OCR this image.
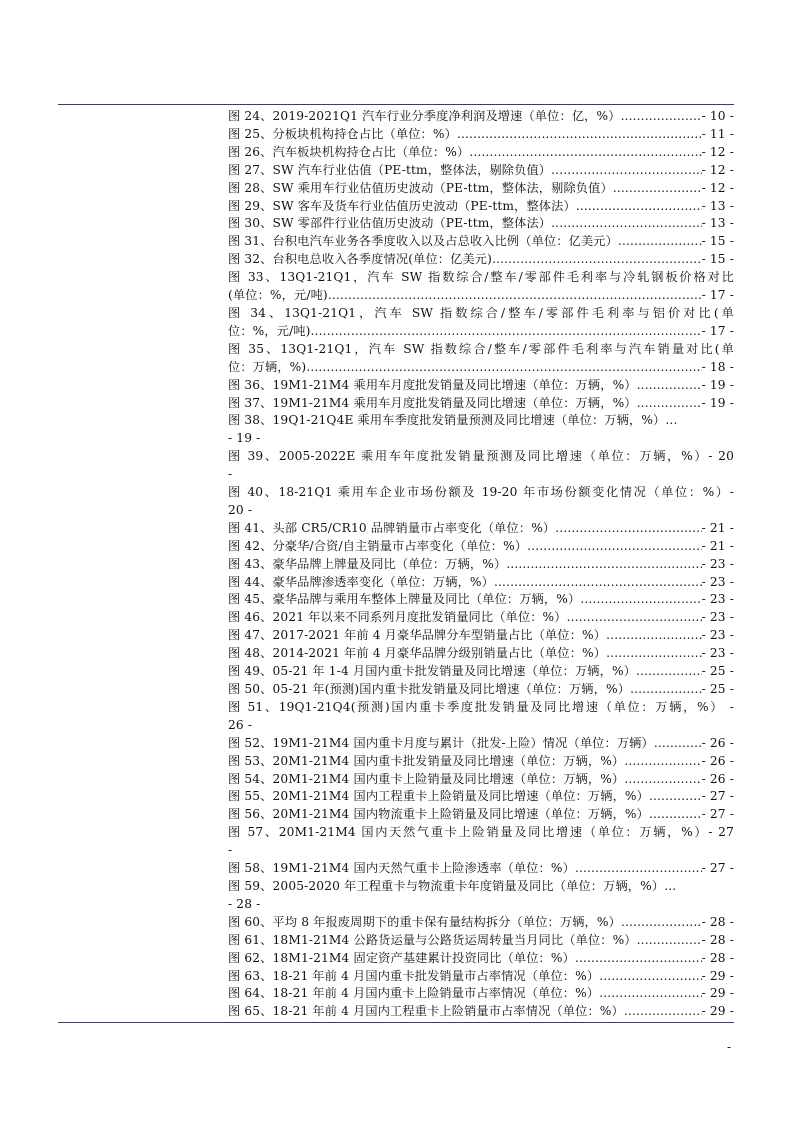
图 24、2019-2021Q1 汽车行业分季度净利润及增速（单位：亿，%） .....	- 10 -
图 25、分板块机构持仓占比（单位：%） .....	- 11 -
图 26、汽车板块机构持仓占比（单位：%） .....	- 12 -
图 27、SW 汽车行业估值（PE-ttm，整体法，剔除负值） .....	- 12 -
图 28、SW 乘用车行业估值历史波动（PE-ttm，整体法，剔除负值） .....	- 12 -
图 29、SW 客车及货车行业估值历史波动（PE-ttm，整体法） .....	- 13 -
图 30、SW 零部件行业估值历史波动（PE-ttm，整体法） .....	- 13 -
图 31、台积电汽车业务各季度收入以及占总收入比例（单位：亿美元） .....	- 15 -
图 32、台积电总收入各季度情况(单位：亿美元) .....	- 15 -
图 33、13Q1-21Q1，汽车 SW 指数综合/整车/零部件毛利率与冷轧钢板价格对比
(单位：%，元/吨) .....	- 17 -
图 34、13Q1-21Q1，汽车 SW 指数综合/整车/零部件毛利率与铝价对比(单
位：%，元/吨) .....	- 17 -
图 35、13Q1-21Q1，汽车 SW 指数综合/整车/零部件毛利率与汽车销量对比(单
位：万辆，%) .....	- 18 -
图 36、19M1-21M4 乘用车月度批发销量及同比增速（单位：万辆，%） .....	- 19 -
图 37、19M1-21M4 乘用车月度批发销量及同比增速（单位：万辆，%） .....	- 19 -
图 38、19Q1-21Q4E 乘用车季度批发销量预测及同比增速（单位：万辆，%） ...
- 19 -
图 39、2005-2022E 乘用车年度批发销量预测及同比增速（单位：万辆，%）- 20
-
图 40、18-21Q1 乘用车企业市场份额及 19-20 年市场份额变化情况（单位：%）-
20 -
图 41、头部 CR5/CR10 品牌销量市占率变化（单位：%） .....	- 21 -
图 42、分豪华/合资/自主销量市占率变化（单位：%） .....	- 21 -
图 43、豪华品牌上牌量及同比（单位：万辆，%） .....	- 23 -
图 44、豪华品牌渗透率变化（单位：万辆，%） .....	- 23 -
图 45、豪华品牌与乘用车整体上牌量及同比（单位：万辆，%） .....	- 23 -
图 46、2021 年以来不同系列月度批发销量同比（单位：%） .....	- 23 -
图 47、2017-2021 年前 4 月豪华品牌分车型销量占比（单位：%） .....	- 23 -
图 48、2014-2021 年前 4 月豪华品牌分级别销量占比（单位：%） .....	- 23 -
图 49、05-21 年 1-4 月国内重卡批发销量及同比增速（单位：万辆，%） .....	- 25 -
图 50、05-21 年(预测)国内重卡批发销量及同比增速（单位：万辆，%） .....	- 25 -
图 51、19Q1-21Q4(预测)国内重卡季度批发销量及同比增速（单位：万辆，%） -
26 -
图 52、19M1-21M4 国内重卡月度与累计（批发-上险）情况（单位：万辆） .....	- 26 -
图 53、20M1-21M4 国内重卡批发销量及同比增速（单位：万辆，%） .....	- 26 -
图 54、20M1-21M4 国内重卡上险销量及同比增速（单位：万辆，%） .....	- 26 -
图 55、20M1-21M4 国内工程重卡上险销量及同比增速（单位：万辆，%） .....	- 27 -
图 56、20M1-21M4 国内物流重卡上险销量及同比增速（单位：万辆，%） .....	- 27 -
图 57、20M1-21M4 国内天然气重卡上险销量及同比增速（单位：万辆，%）- 27
-
图 58、19M1-21M4 国内天然气重卡上险渗透率（单位：%） .....	- 27 -
图 59、2005-2020 年工程重卡与物流重卡年度销量及同比（单位：万辆，%） ...
- 28 -
图 60、平均 8 年报废周期下的重卡保有量结构拆分（单位：万辆，%） .....	- 28 -
图 61、18M1-21M4 公路货运量与公路货运周转量当月同比（单位：%） .....	- 28 -
图 62、18M1-21M4 固定资产基建累计投资同比（单位：%） .....	- 28 -
图 63、18-21 年前 4 月国内重卡批发销量市占率情况（单位：%） .....	- 29 -
图 64、18-21 年前 4 月国内重卡上险销量市占率情况（单位：%） .....	- 29 -
图 65、18-21 年前 4 月国内工程重卡上险销量市占率情况（单位：%） .....	- 29 -
-
